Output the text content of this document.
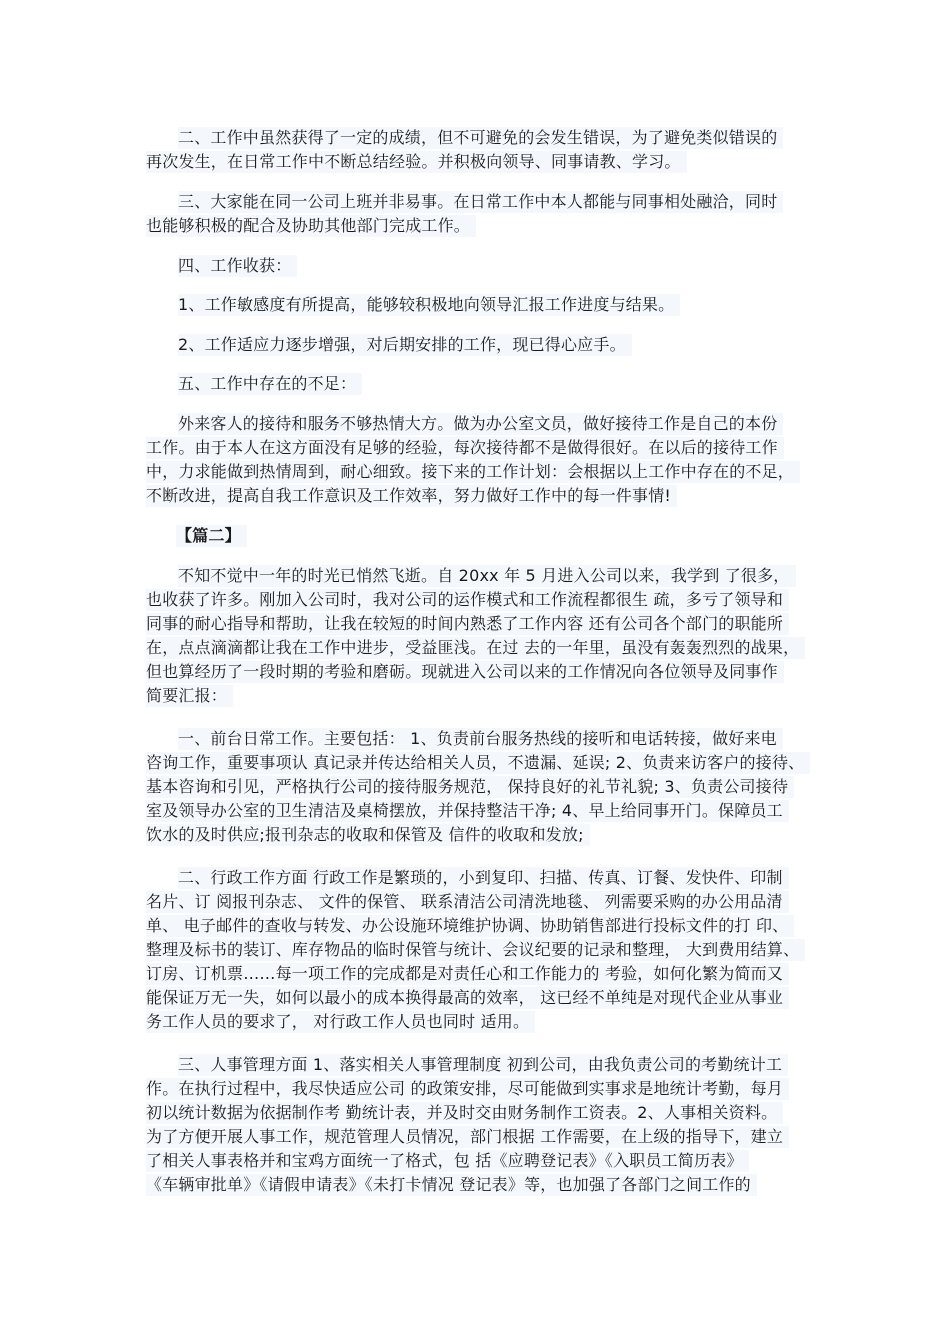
二、工作中虽然获得了一定的成绩，但不可避免的会发生错误，为了避免类似错误的
再次发生，在日常工作中不断总结经验。并积极向领导、同事请教、学习。
三、大家能在同一公司上班并非易事。在日常工作中本人都能与同事相处融洽，同时
也能够积极的配合及协助其他部门完成工作。
四、工作收获：
1、工作敏感度有所提高，能够较积极地向领导汇报工作进度与结果。
2、工作适应力逐步增强，对后期安排的工作，现已得心应手。
五、工作中存在的不足：
外来客人的接待和服务不够热情大方。做为办公室文员，做好接待工作是自己的本份
工作。由于本人在这方面没有足够的经验，每次接待都不是做得很好。在以后的接待工作
中，力求能做到热情周到，耐心细致。接下来的工作计划：会根据以上工作中存在的不足，
不断改进，提高自我工作意识及工作效率，努力做好工作中的每一件事情!
【篇二】
不知不觉中一年的时光已悄然飞逝。自 20xx 年 5 月进入公司以来，我学到 了很多，
也收获了许多。刚加入公司时，我对公司的运作模式和工作流程都很生 疏，多亏了领导和
同事的耐心指导和帮助，让我在较短的时间内熟悉了工作内容 还有公司各个部门的职能所
在，点点滴滴都让我在工作中进步，受益匪浅。在过 去的一年里，虽没有轰轰烈烈的战果，
但也算经历了一段时期的考验和磨砺。现就进入公司以来的工作情况向各位领导及同事作
简要汇报：
一、前台日常工作。主要包括： 1、负责前台服务热线的接听和电话转接，做好来电
咨询工作，重要事项认 真记录并传达给相关人员，不遗漏、延误; 2、负责来访客户的接待、
基本咨询和引见，严格执行公司的接待服务规范， 保持良好的礼节礼貌; 3、负责公司接待
室及领导办公室的卫生清洁及桌椅摆放，并保持整洁干净; 4、早上给同事开门。保障员工
饮水的及时供应;报刊杂志的收取和保管及 信件的收取和发放;
二、行政工作方面 行政工作是繁琐的，小到复印、扫描、传真、订餐、发快件、印制
名片、订 阅报刊杂志、 文件的保管、 联系清洁公司清洗地毯、 列需要采购的办公用品清
单、 电子邮件的查收与转发、办公设施环境维护协调、协助销售部进行投标文件的打 印、
整理及标书的装订、库存物品的临时保管与统计、会议纪要的记录和整理， 大到费用结算、
订房、订机票……每一项工作的完成都是对责任心和工作能力的 考验，如何化繁为简而又
能保证万无一失，如何以最小的成本换得最高的效率， 这已经不单纯是对现代企业从事业
务工作人员的要求了， 对行政工作人员也同时 适用。
三、人事管理方面 1、落实相关人事管理制度 初到公司，由我负责公司的考勤统计工
作。在执行过程中，我尽快适应公司 的政策安排，尽可能做到实事求是地统计考勤，每月
初以统计数据为依据制作考 勤统计表，并及时交由财务制作工资表。2、人事相关资料。
为了方便开展人事工作，规范管理人员情况，部门根据 工作需要，在上级的指导下，建立
了相关人事表格并和宝鸡方面统一了格式，包 括《应聘登记表》《入职员工简历表》
《车辆审批单》《请假申请表》《未打卡情况 登记表》等，也加强了各部门之间工作的
